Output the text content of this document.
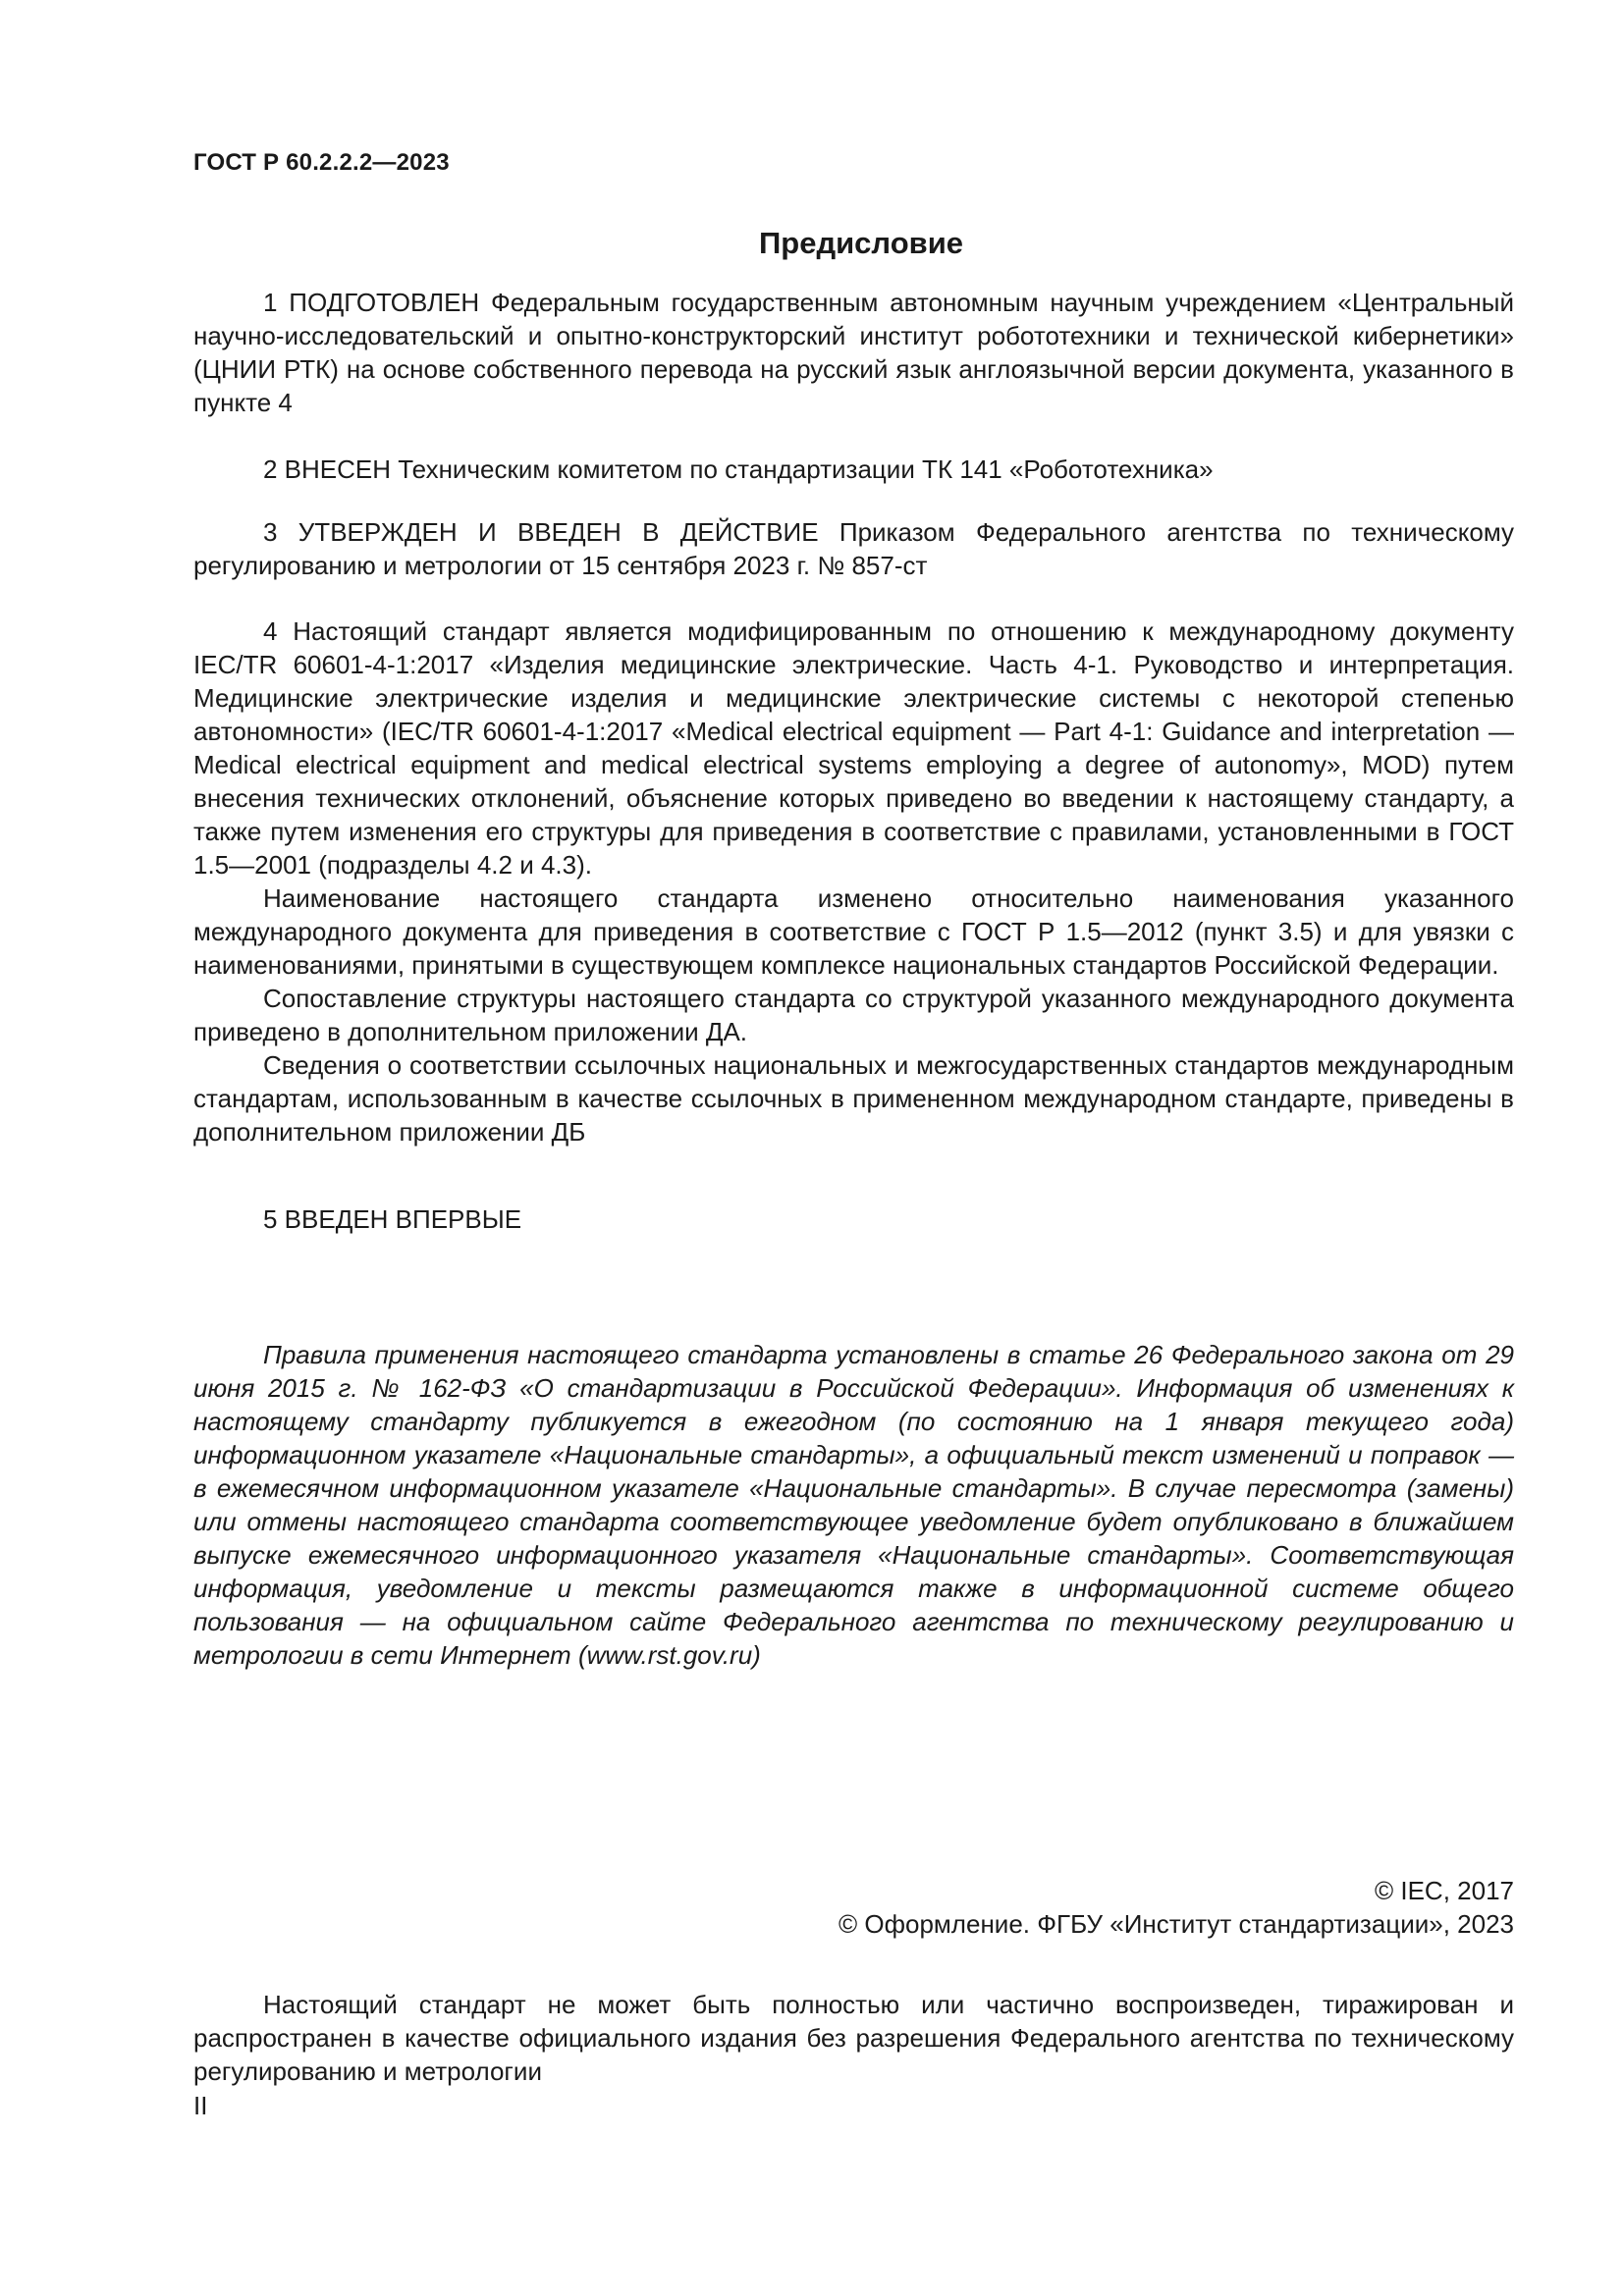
ГОСТ Р 60.2.2.2—2023
Предисловие

1 ПОДГОТОВЛЕН Федеральным государственным автономным научным учреждением «Центральный научно-исследовательский и опытно-конструкторский институт робототехники и технической кибернетики» (ЦНИИ РТК) на основе собственного перевода на русский язык англоязычной версии документа, указанного в пункте 4

2 ВНЕСЕН Техническим комитетом по стандартизации ТК 141 «Робототехника»

3 УТВЕРЖДЕН И ВВЕДЕН В ДЕЙСТВИЕ Приказом Федерального агентства по техническому регулированию и метрологии от 15 сентября 2023 г. № 857-ст

4 Настоящий стандарт является модифицированным по отношению к международному документу IEC/TR 60601-4-1:2017 «Изделия медицинские электрические. Часть 4-1. Руководство и интерпретация. Медицинские электрические изделия и медицинские электрические системы с некоторой степенью автономности» (IEC/TR 60601-4-1:2017 «Medical electrical equipment — Part 4-1: Guidance and interpretation — Medical electrical equipment and medical electrical systems employing a degree of autonomy», MOD) путем внесения технических отклонений, объяснение которых приведено во введении к настоящему стандарту, а также путем изменения его структуры для приведения в соответствие с правилами, установленными в ГОСТ 1.5—2001 (подразделы 4.2 и 4.3).

Наименование настоящего стандарта изменено относительно наименования указанного международного документа для приведения в соответствие с ГОСТ Р 1.5—2012 (пункт 3.5) и для увязки с наименованиями, принятыми в существующем комплексе национальных стандартов Российской Федерации.

Сопоставление структуры настоящего стандарта со структурой указанного международного документа приведено в дополнительном приложении ДА.

Сведения о соответствии ссылочных национальных и межгосударственных стандартов международным стандартам, использованным в качестве ссылочных в примененном международном стандарте, приведены в дополнительном приложении ДБ

5 ВВЕДЕН ВПЕРВЫЕ

Правила применения настоящего стандарта установлены в статье 26 Федерального закона от 29 июня 2015 г. № 162-ФЗ «О стандартизации в Российской Федерации». Информация об изменениях к настоящему стандарту публикуется в ежегодном (по состоянию на 1 января текущего года) информационном указателе «Национальные стандарты», а официальный текст изменений и поправок — в ежемесячном информационном указателе «Национальные стандарты». В случае пересмотра (замены) или отмены настоящего стандарта соответствующее уведомление будет опубликовано в ближайшем выпуске ежемесячного информационного указателя «Национальные стандарты». Соответствующая информация, уведомление и тексты размещаются также в информационной системе общего пользования — на официальном сайте Федерального агентства по техническому регулированию и метрологии в сети Интернет (www.rst.gov.ru)

© IEC, 2017
© Оформление. ФГБУ «Институт стандартизации», 2023

Настоящий стандарт не может быть полностью или частично воспроизведен, тиражирован и распространен в качестве официального издания без разрешения Федерального агентства по техническому регулированию и метрологии

II
